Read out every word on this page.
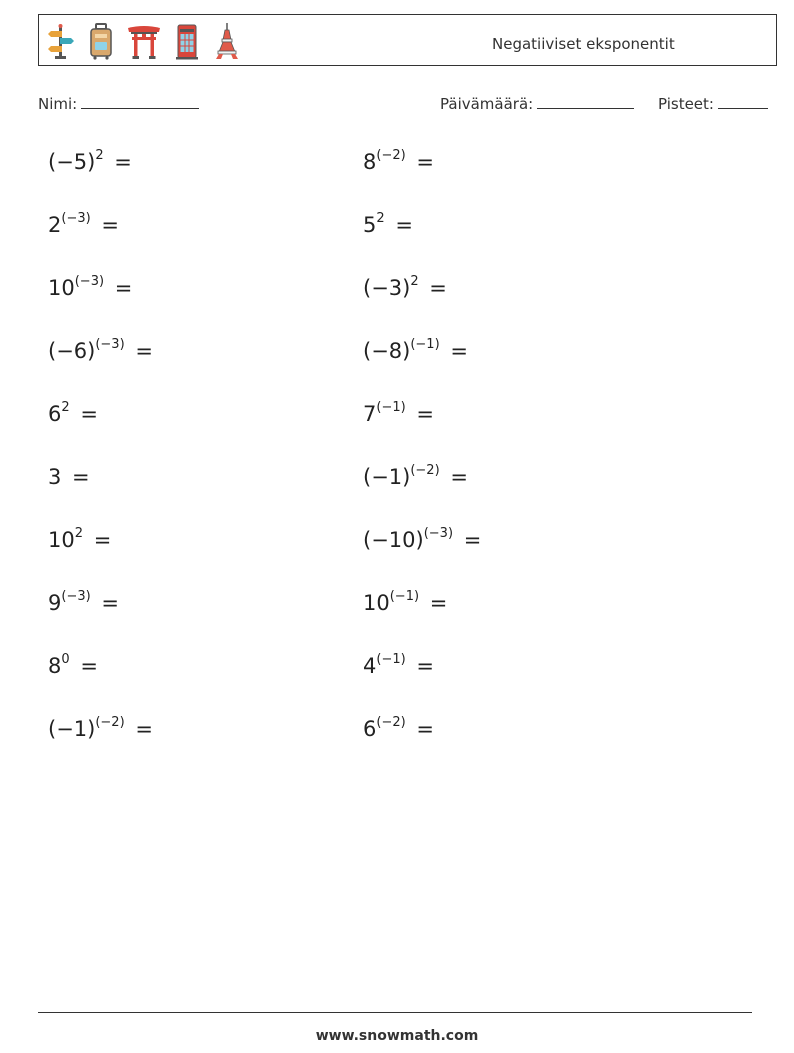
Negatiiviset eksponentit
Nimi:	Päivämäärä:	Pisteet:
$(-5)^2$ =
$2^{(-3)}$ =
$10^{(-3)}$ =
$(-6)^{(-3)}$ =
$6^2$ =
3 =
$10^2$ =
$9^{(-3)}$ =
$8^0$ =
$(-1)^{(-2)}$ =
$8^{(-2)}$ =
$5^2$ =
$(-3)^2$ =
$(-8)^{(-1)}$ =
$7^{(-1)}$ =
$(-1)^{(-2)}$ =
$(-10)^{(-3)}$ =
$10^{(-1)}$ =
$4^{(-1)}$ =
$6^{(-2)}$ =
www.snowmath.com
